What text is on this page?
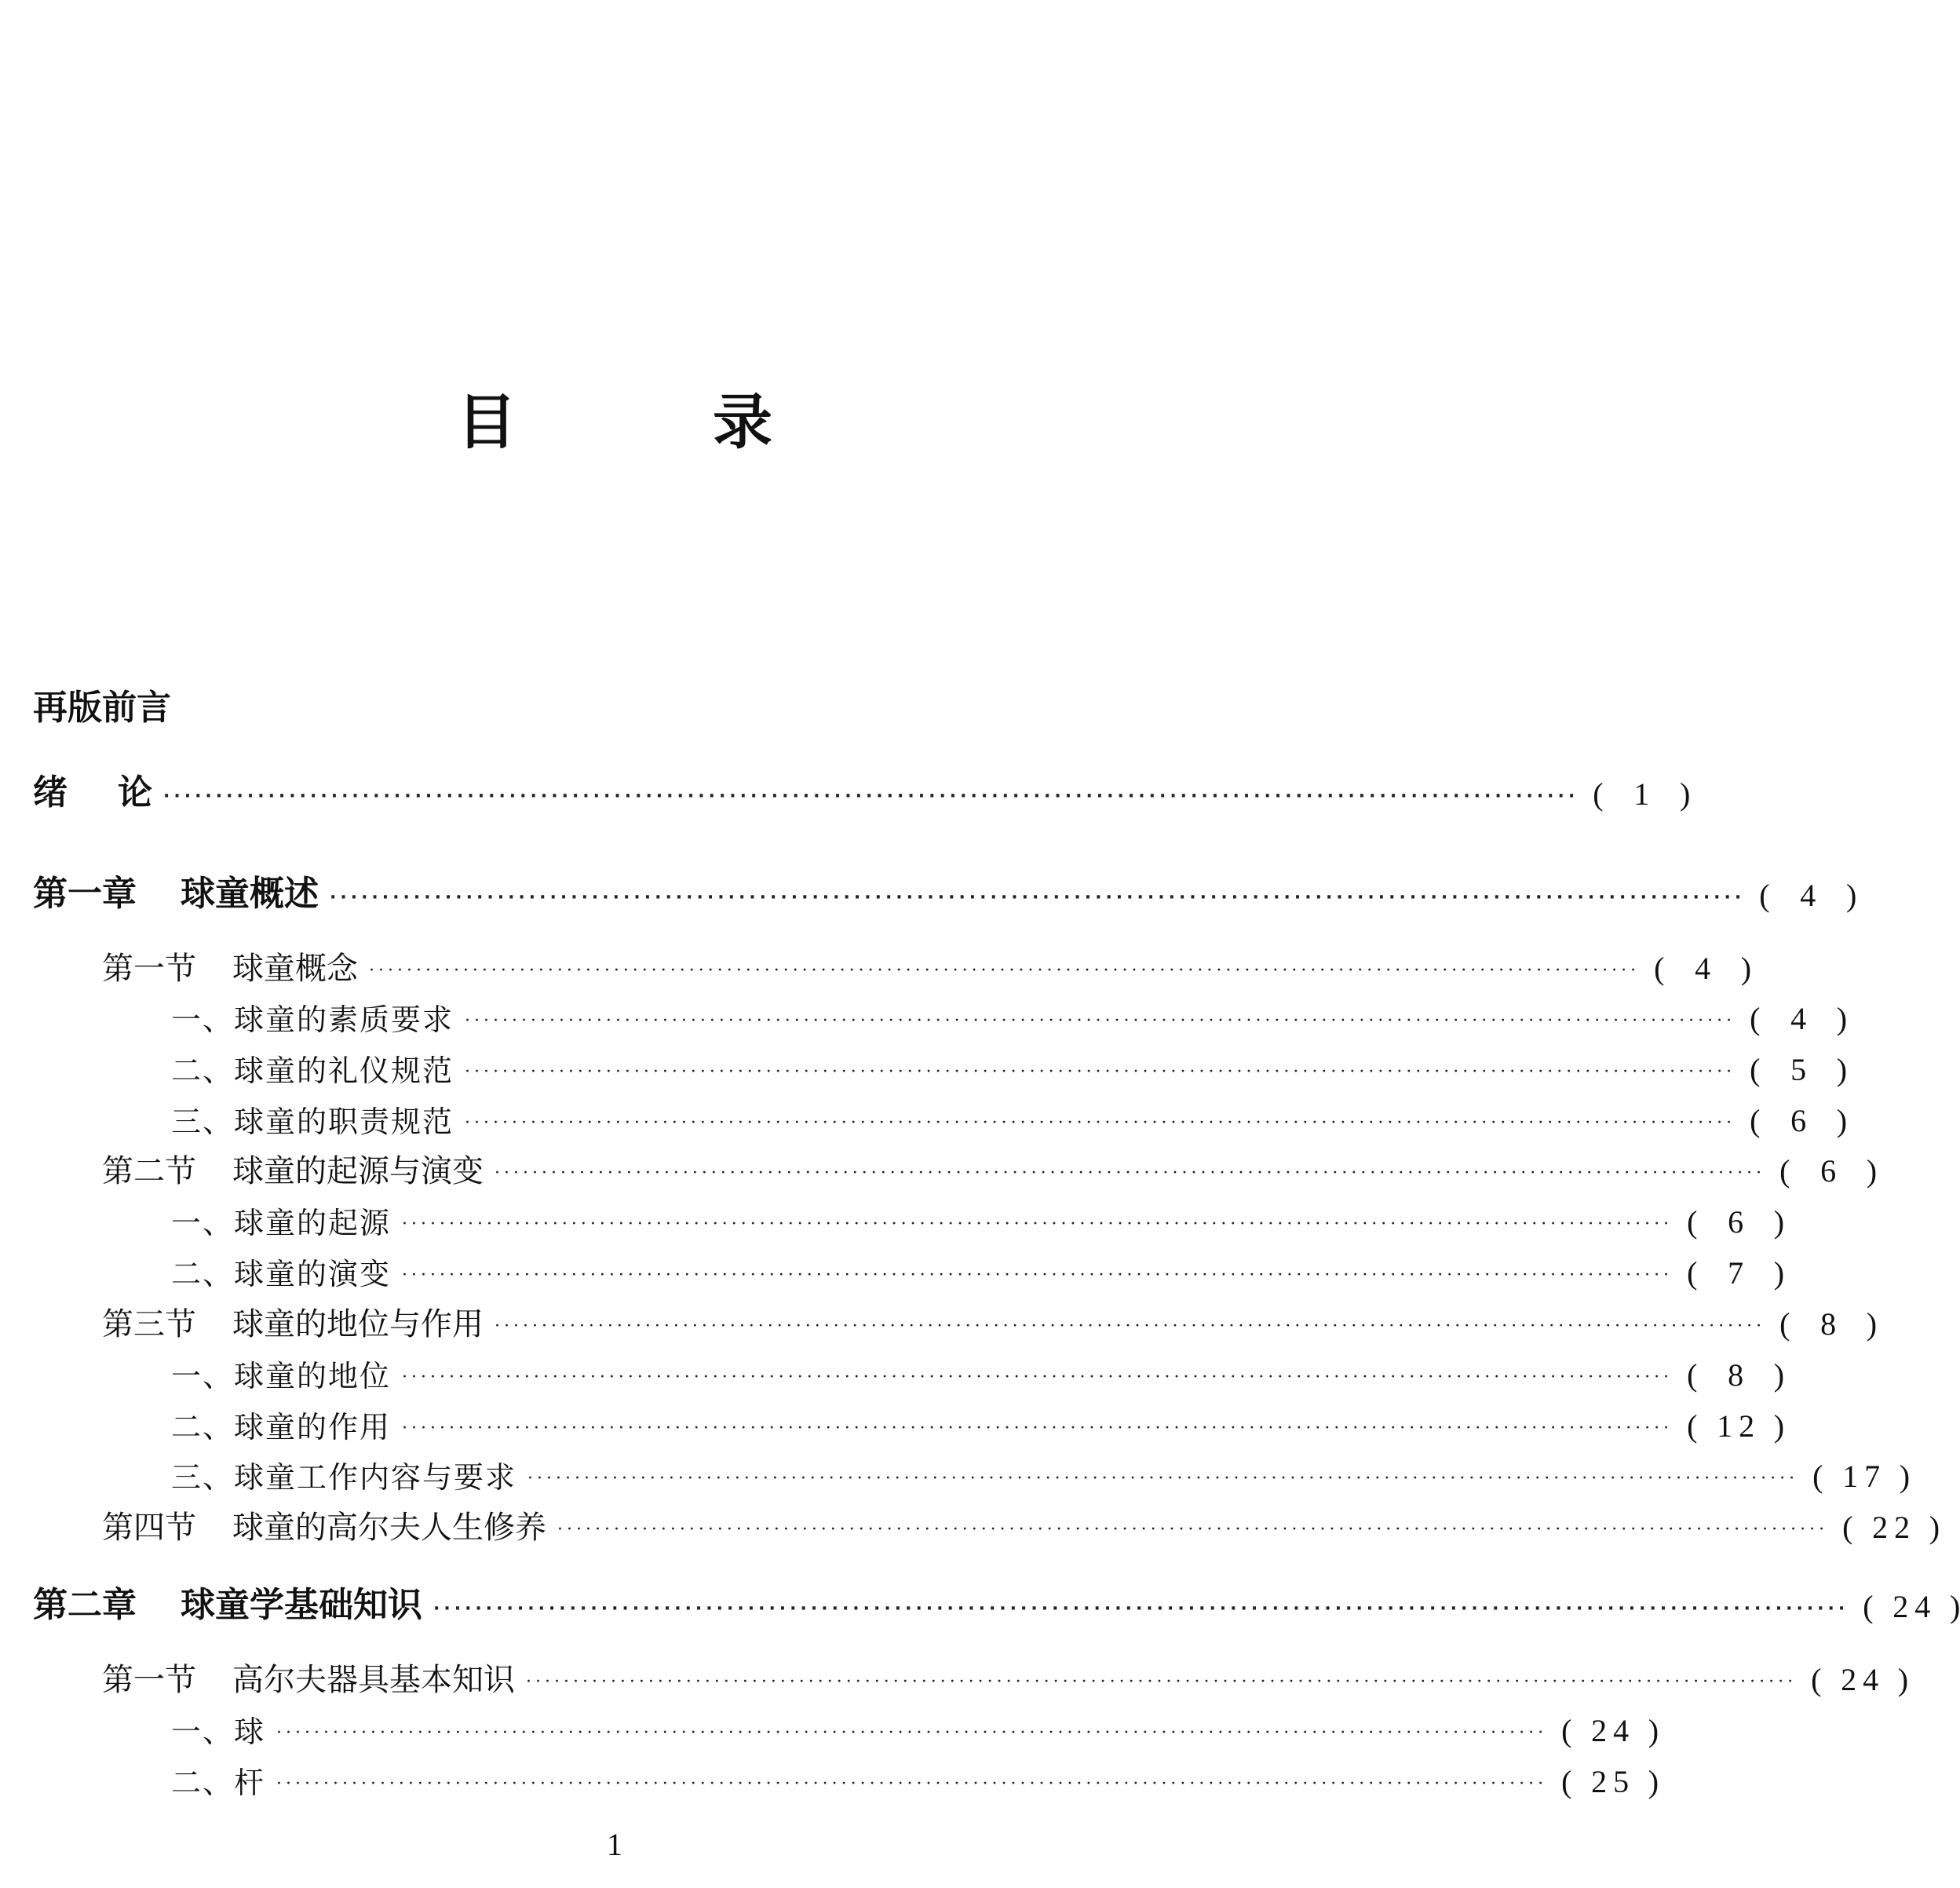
目	录
再版前言
绪 论 ······································································································································· ( 1 )
第一章 球童概述 ······································································································································· ( 4 )
第一节 球童概念 ······································································································································· ( 4 )
一、球童的素质要求 ······································································································································· ( 4 )
二、球童的礼仪规范 ······································································································································· ( 5 )
三、球童的职责规范 ······································································································································· ( 6 )
第二节 球童的起源与演变 ······································································································································· ( 6 )
一、球童的起源 ······································································································································· ( 6 )
二、球童的演变 ······································································································································· ( 7 )
第三节 球童的地位与作用 ······································································································································· ( 8 )
一、球童的地位 ······································································································································· ( 8 )
二、球童的作用 ······································································································································· ( 12 )
三、球童工作内容与要求 ······································································································································· ( 17 )
第四节 球童的高尔夫人生修养 ······································································································································· ( 22 )
第二章 球童学基础知识 ······································································································································· ( 24 )
第一节 高尔夫器具基本知识 ······································································································································· ( 24 )
一、球 ······································································································································· ( 24 )
二、杆 ······································································································································· ( 25 )
1
